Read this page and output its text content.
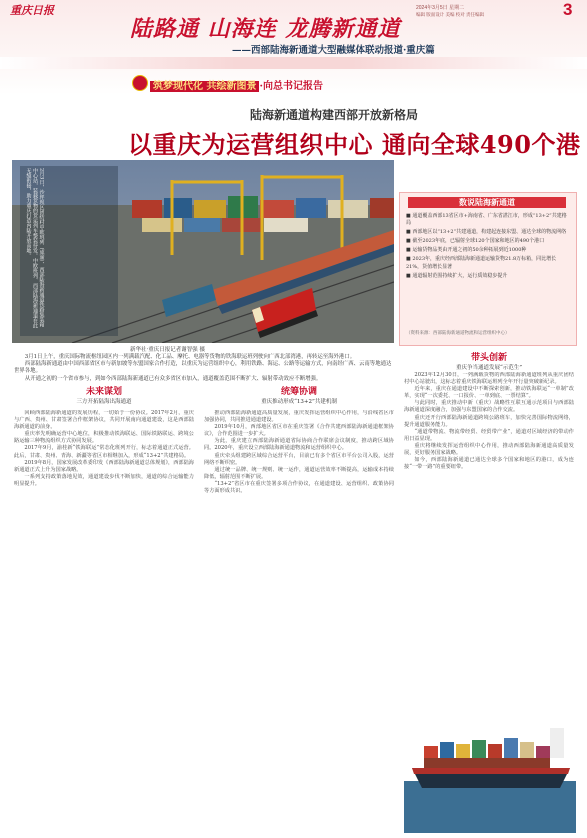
重庆日报	2024年3月5日 星期二
编辑 版面设计 美编 校对 责任编辑	3
陆路通 山海连 龙腾新通道
——西部陆海新通道大型融媒体联动报道·重庆篇
筑梦现代化 共绘新图景 ·向总书记报告
陆海新通道构建西部开放新格局
以重庆为运营组织中心 通向全球490个港
2月3日，沙坪坝区团结村中欧班列（成渝）、西部陆海新通道铁路集装箱中心站，装载货物的货运列车整装待发。中欧班列、西部陆海新通道在此无缝衔接，助力重庆打造内陆开放高地。
新华社·重庆日报记者谢智强 摄
数说陆海新通道

■ 通道覆盖西部13省区市+海南省、广东省湛江市，形成“13+2”共建格局

■ 西部地区以“13+2”共建通道，构建起连接东盟、通达全球的物流网络

■ 截至2023年底，已辐射全球120个国家和地区的490个港口

■ 运输货物品类由开通之初的50余种拓展到近1000种

■ 2023年，重庆经西部陆海新通道运输货物21.8万标箱，同比增长21%，货值增长显著

■ 通道辐射范围持续扩大，运行质效稳步提升

（资料来源：西部陆海新通道物流和运营组织中心）

3月1日上午，重庆国际物流枢纽园区内一列满载汽配、化工品、摩托、电器等货物的铁海联运班列驶向广西北部湾港，再转运至海外港口。

西部陆海新通道由中国西部省区市与新加坡等东盟国家合作打造，以重庆为运营组织中心，利用铁路、海运、公路等运输方式，向南经广西、云南等地通达世界各地。

从开通之初的一个省市参与，到如今西部陆海新通道已有众多省区市加入，通道覆盖范围不断扩大、辐射带动效应不断增强。

未来谋划
三方开拓陆海出海通道

回顾西部陆海新通道的发展历程，一切始于一份协议。2017年2月，重庆与广西、贵州、甘肃签署合作框架协议，共同开展南向通道建设，这是西部陆海新通道的前身。

重庆率先明确运营中心地位，积极推动铁海联运、国际铁路联运、跨境公路运输三种物流组织方式协同发展。

2017年9月，渝桂新“铁海联运”常态化班列开行，标志着通道正式运营。此后，甘肃、贵州、青海、新疆等省区市相继加入，形成“13+2”共建格局。

2019年8月，国家发展改革委印发《西部陆海新通道总体规划》，西部陆海新通道正式上升为国家战略。

一系列支持政策落地见效，通道建设步伐不断加快，通道的综合运输能力明显提升。

统筹协调
重庆推动形成“13+2”共建机制

推动西部陆海新通道高质量发展，重庆发挥运营组织中心作用，与沿线省区市加强协同，共同推进通道建设。

2019年10月，西部地区省区市在重庆签署《合作共建西部陆海新通道框架协议》，合作范围进一步扩大。

为此，重庆建立西部陆海新通道省际协商合作联席会议制度，推动跨区域协同。2020年，重庆设立西部陆海新通道物流和运营组织中心。

重庆牵头组建跨区域综合运营平台，目前已有多个省区市平台公司入股，运营网络不断织密。

通过统一品牌、统一规则、统一运作，通道运营效率不断提高，运输成本持续降低，辐射范围不断扩展。

“13+2”省区市在重庆签署多项合作协议，在通道建设、运营组织、政策协同等方面形成共识。

带头创新
重庆争当通道发展“示范生”

2023年12月30日，一列满载货物的西部陆海新通道班列从重庆团结村中心站驶出，这标志着重庆铁海联运班列全年开行量突破新纪录。

近年来，重庆在通道建设中不断探索创新，推动铁海联运“一单制”改革，实现“一次委托、一口报价、一单到底、一票结算”。

与此同时，重庆推动中新（重庆）战略性互联互通示范项目与西部陆海新通道深度融合，加强与东盟国家的合作交流。

重庆还开行西部陆海新通道跨境公路班车，加快完善国际物流网络，提升通道服务能力。

“通道带物流、物流带经贸、经贸带产业”，通道对区域经济的带动作用日益显现。

重庆将继续发挥运营组织中心作用，推动西部陆海新通道高质量发展，更好服务国家战略。

如今，西部陆海新通道已通达全球多个国家和地区的港口，成为连接“一带一路”的重要纽带。
